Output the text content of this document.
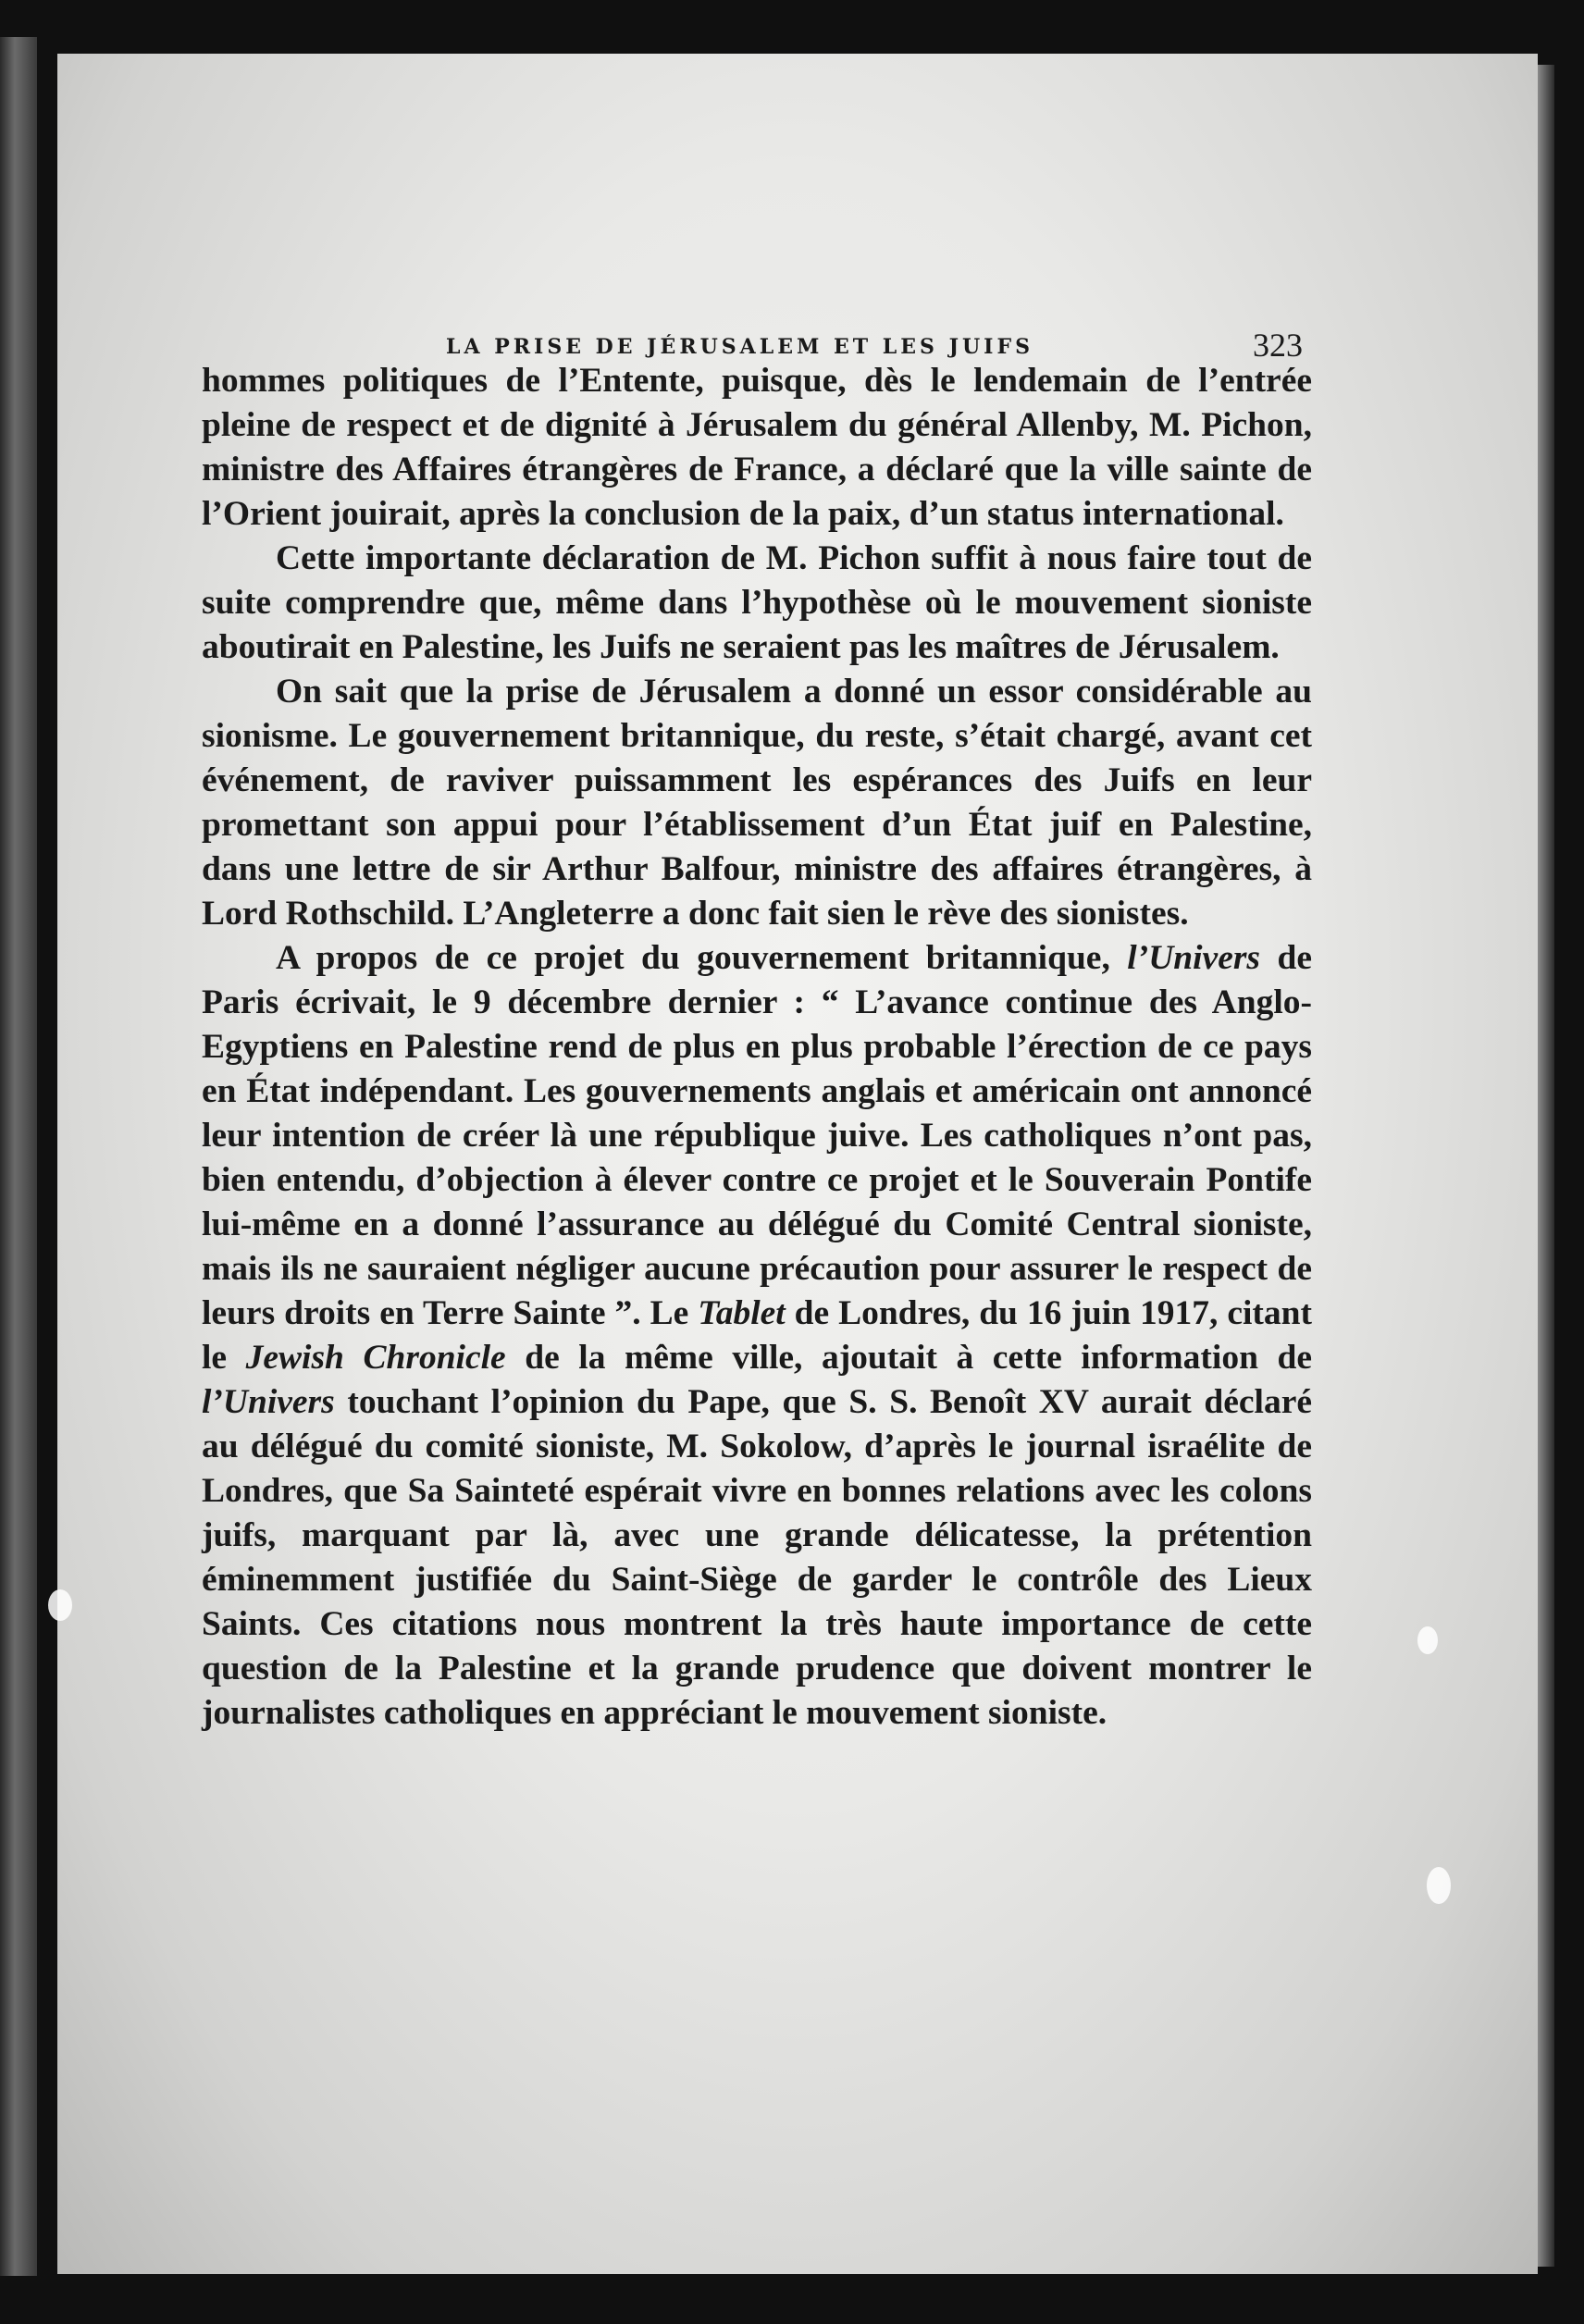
LA PRISE DE JÉRUSALEM ET LES JUIFS	323

hommes politiques de l’Entente, puisque, dès le lendemain de l’entrée pleine de respect et de dignité à Jérusalem du général Allenby, M. Pichon, ministre des Affaires étrangères de France, a déclaré que la ville sainte de l’Orient jouirait, après la conclusion de la paix, d’un status international.

Cette importante déclaration de M. Pichon suffit à nous faire tout de suite comprendre que, même dans l’hypothèse où le mouvement sioniste aboutirait en Palestine, les Juifs ne seraient pas les maîtres de Jérusalem.

On sait que la prise de Jérusalem a donné un essor considérable au sionisme. Le gouvernement britannique, du reste, s’était chargé, avant cet événement, de raviver puissamment les espérances des Juifs en leur promettant son appui pour l’établissement d’un État juif en Palestine, dans une lettre de sir Arthur Balfour, ministre des affaires étrangères, à Lord Rothschild. L’Angleterre a donc fait sien le rève des sionistes.

A propos de ce projet du gouvernement britannique, l’Univers de Paris écrivait, le 9 décembre dernier : “ L’avance continue des Anglo-Egyptiens en Palestine rend de plus en plus probable l’érection de ce pays en État indépendant. Les gouvernements anglais et américain ont annoncé leur intention de créer là une république juive. Les catholiques n’ont pas, bien entendu, d’objection à élever contre ce projet et le Souverain Pontife lui-même en a donné l’assurance au délégué du Comité Central sioniste, mais ils ne sauraient négliger aucune précaution pour assurer le respect de leurs droits en Terre Sainte ”. Le Tablet de Londres, du 16 juin 1917, citant le Jewish Chronicle de la même ville, ajoutait à cette information de l’Univers touchant l’opinion du Pape, que S. S. Benoît XV aurait déclaré au délégué du comité sioniste, M. Sokolow, d’après le journal israélite de Londres, que Sa Sainteté espérait vivre en bonnes relations avec les colons juifs, marquant par là, avec une grande délicatesse, la prétention éminemment justifiée du Saint-Siège de garder le contrôle des Lieux Saints. Ces citations nous montrent la très haute importance de cette question de la Palestine et la grande prudence que doivent montrer le journalistes catholiques en appréciant le mouvement sioniste.
